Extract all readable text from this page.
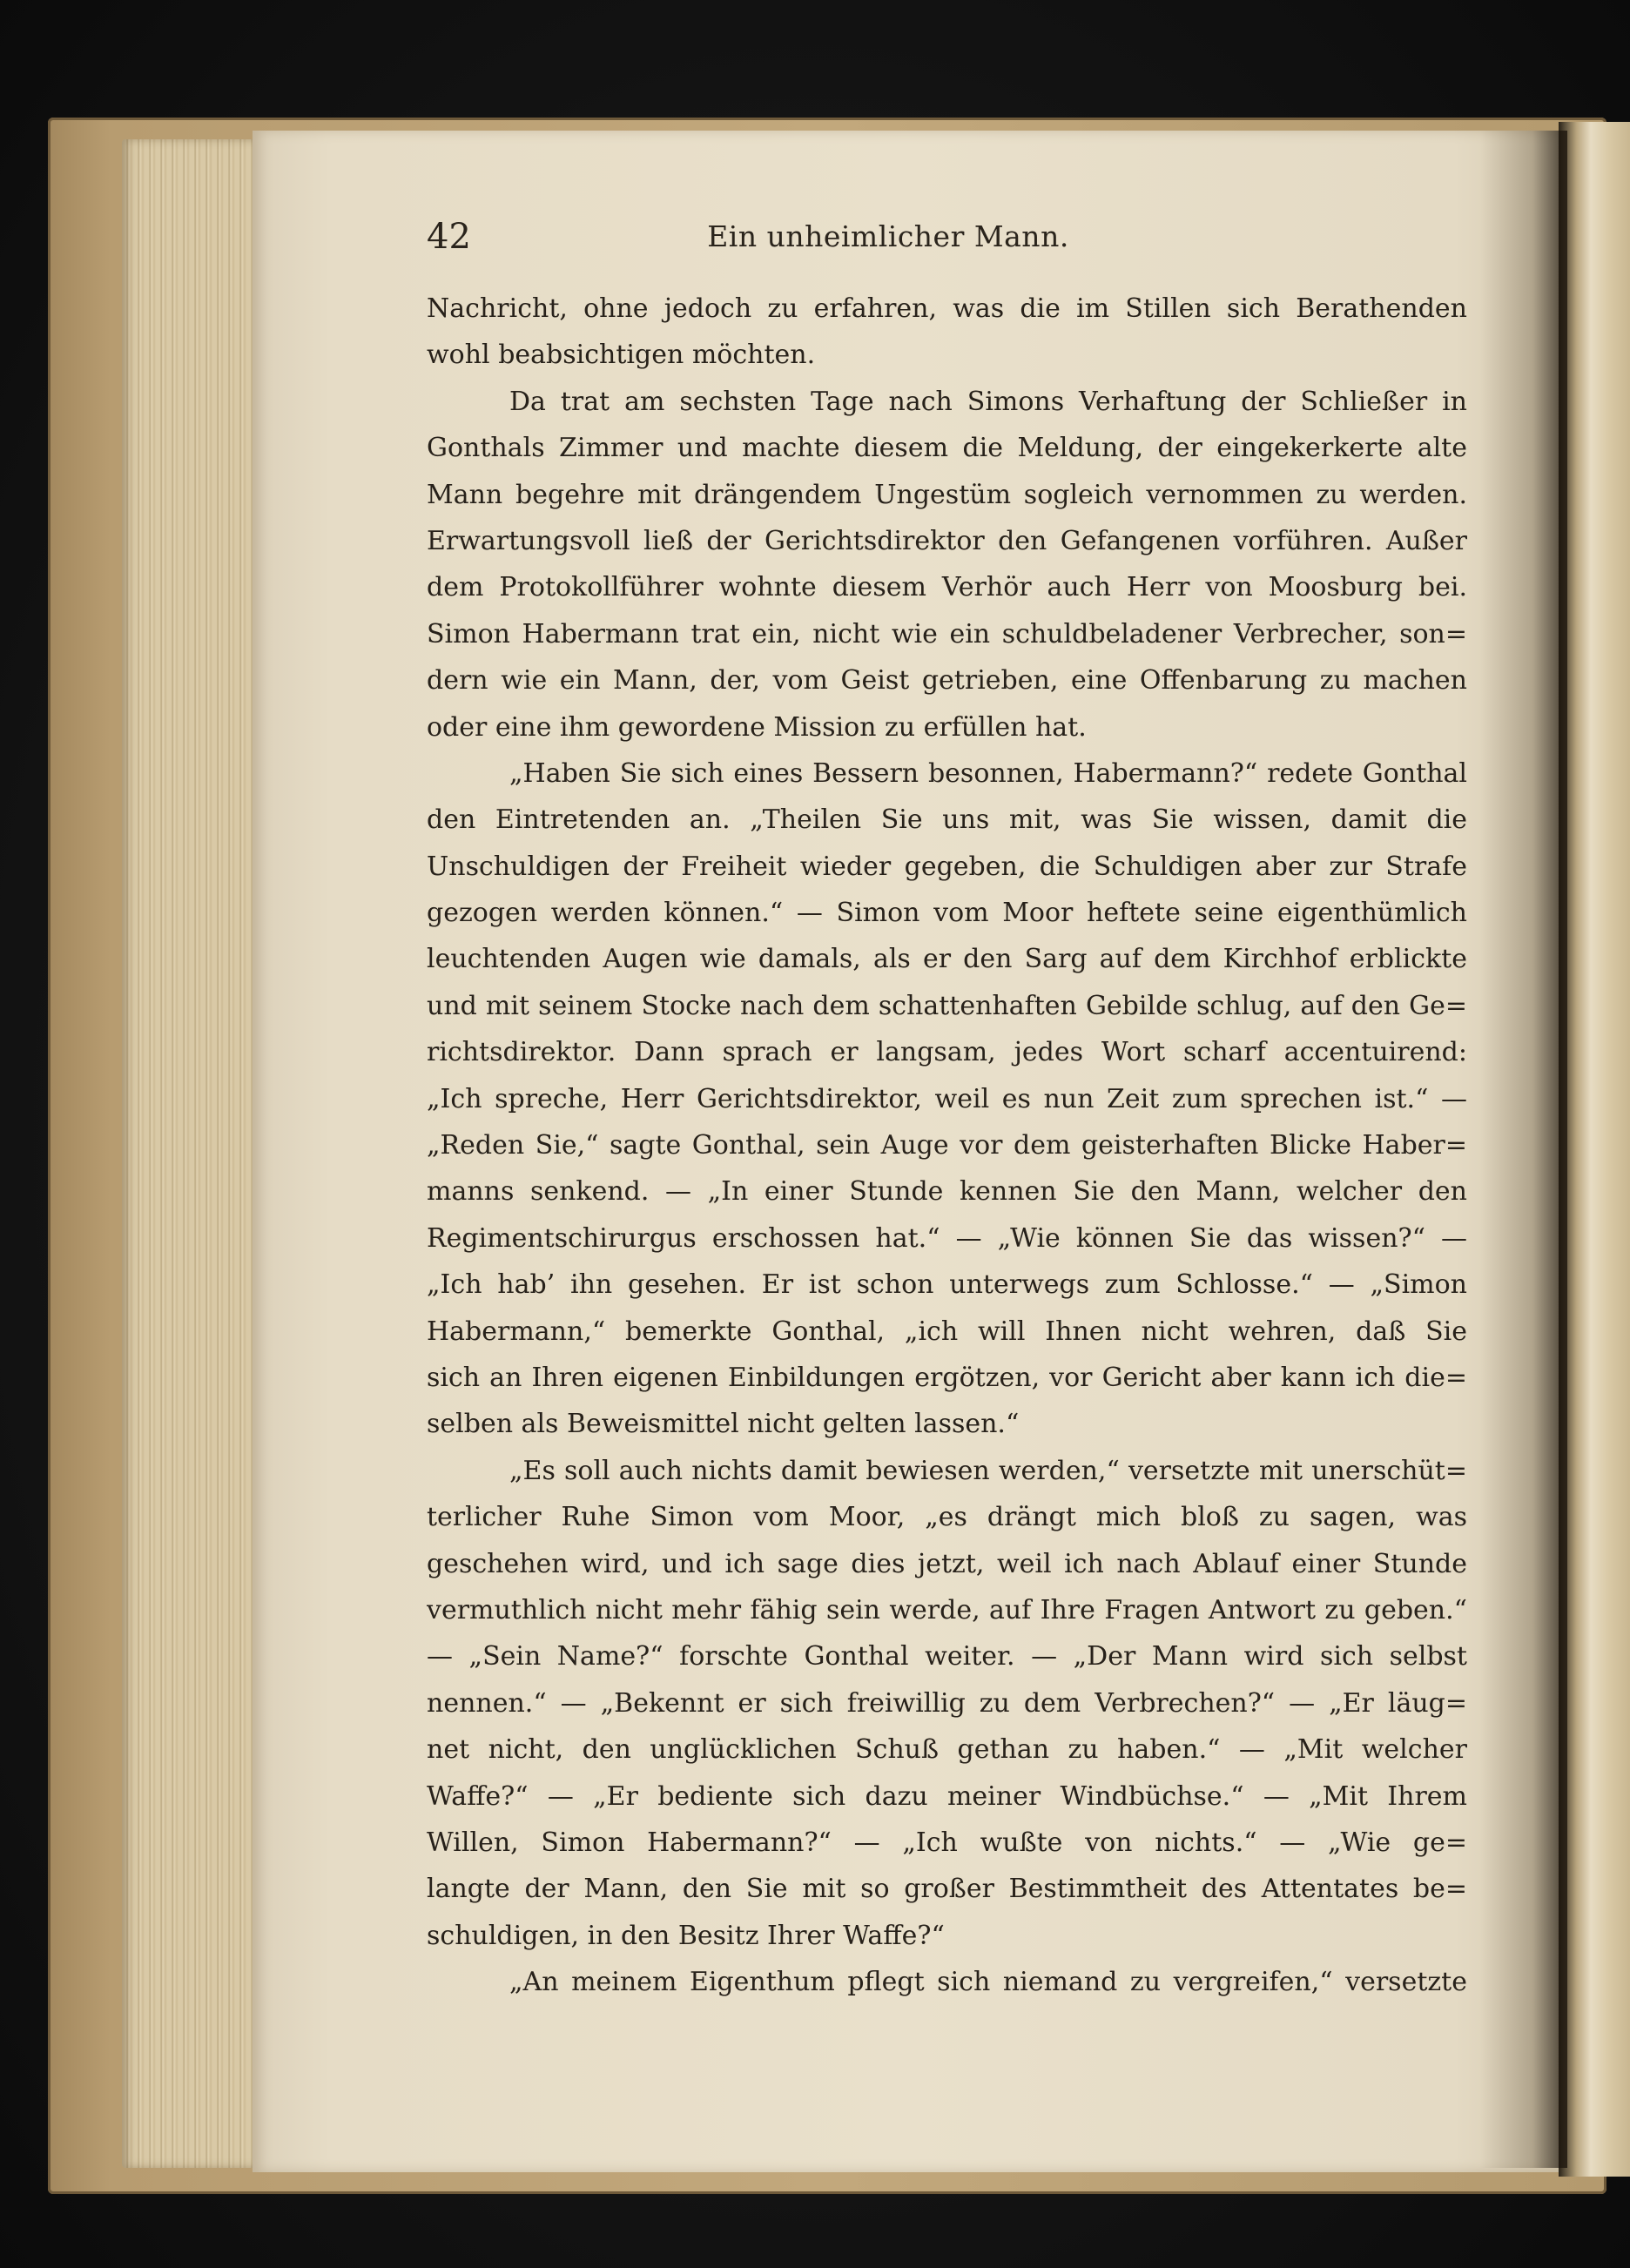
42	Ein unheimlicher Mann.
Nachricht, ohne jedoch zu erfahren, was die im Stillen sich Berathenden
wohl beabsichtigen möchten.
Da trat am sechsten Tage nach Simons Verhaftung der Schließer in
Gonthals Zimmer und machte diesem die Meldung, der eingekerkerte alte
Mann begehre mit drängendem Ungestüm sogleich vernommen zu werden.
Erwartungsvoll ließ der Gerichtsdirektor den Gefangenen vorführen. Außer
dem Protokollführer wohnte diesem Verhör auch Herr von Moosburg bei.
Simon Habermann trat ein, nicht wie ein schuldbeladener Verbrecher, son=
dern wie ein Mann, der, vom Geist getrieben, eine Offenbarung zu machen
oder eine ihm gewordene Mission zu erfüllen hat.
„Haben Sie sich eines Bessern besonnen, Habermann?“ redete Gonthal
den Eintretenden an. „Theilen Sie uns mit, was Sie wissen, damit die
Unschuldigen der Freiheit wieder gegeben, die Schuldigen aber zur Strafe
gezogen werden können.“ — Simon vom Moor heftete seine eigenthümlich
leuchtenden Augen wie damals, als er den Sarg auf dem Kirchhof erblickte
und mit seinem Stocke nach dem schattenhaften Gebilde schlug, auf den Ge=
richtsdirektor. Dann sprach er langsam, jedes Wort scharf accentuirend:
„Ich spreche, Herr Gerichtsdirektor, weil es nun Zeit zum sprechen ist.“ —
„Reden Sie,“ sagte Gonthal, sein Auge vor dem geisterhaften Blicke Haber=
manns senkend. — „In einer Stunde kennen Sie den Mann, welcher den
Regimentschirurgus erschossen hat.“ — „Wie können Sie das wissen?“ —
„Ich hab’ ihn gesehen. Er ist schon unterwegs zum Schlosse.“ — „Simon
Habermann,“ bemerkte Gonthal, „ich will Ihnen nicht wehren, daß Sie
sich an Ihren eigenen Einbildungen ergötzen, vor Gericht aber kann ich die=
selben als Beweismittel nicht gelten lassen.“
„Es soll auch nichts damit bewiesen werden,“ versetzte mit unerschüt=
terlicher Ruhe Simon vom Moor, „es drängt mich bloß zu sagen, was
geschehen wird, und ich sage dies jetzt, weil ich nach Ablauf einer Stunde
vermuthlich nicht mehr fähig sein werde, auf Ihre Fragen Antwort zu geben.“
— „Sein Name?“ forschte Gonthal weiter. — „Der Mann wird sich selbst
nennen.“ — „Bekennt er sich freiwillig zu dem Verbrechen?“ — „Er läug=
net nicht, den unglücklichen Schuß gethan zu haben.“ — „Mit welcher
Waffe?“ — „Er bediente sich dazu meiner Windbüchse.“ — „Mit Ihrem
Willen, Simon Habermann?“ — „Ich wußte von nichts.“ — „Wie ge=
langte der Mann, den Sie mit so großer Bestimmtheit des Attentates be=
schuldigen, in den Besitz Ihrer Waffe?“
„An meinem Eigenthum pflegt sich niemand zu vergreifen,“ versetzte
